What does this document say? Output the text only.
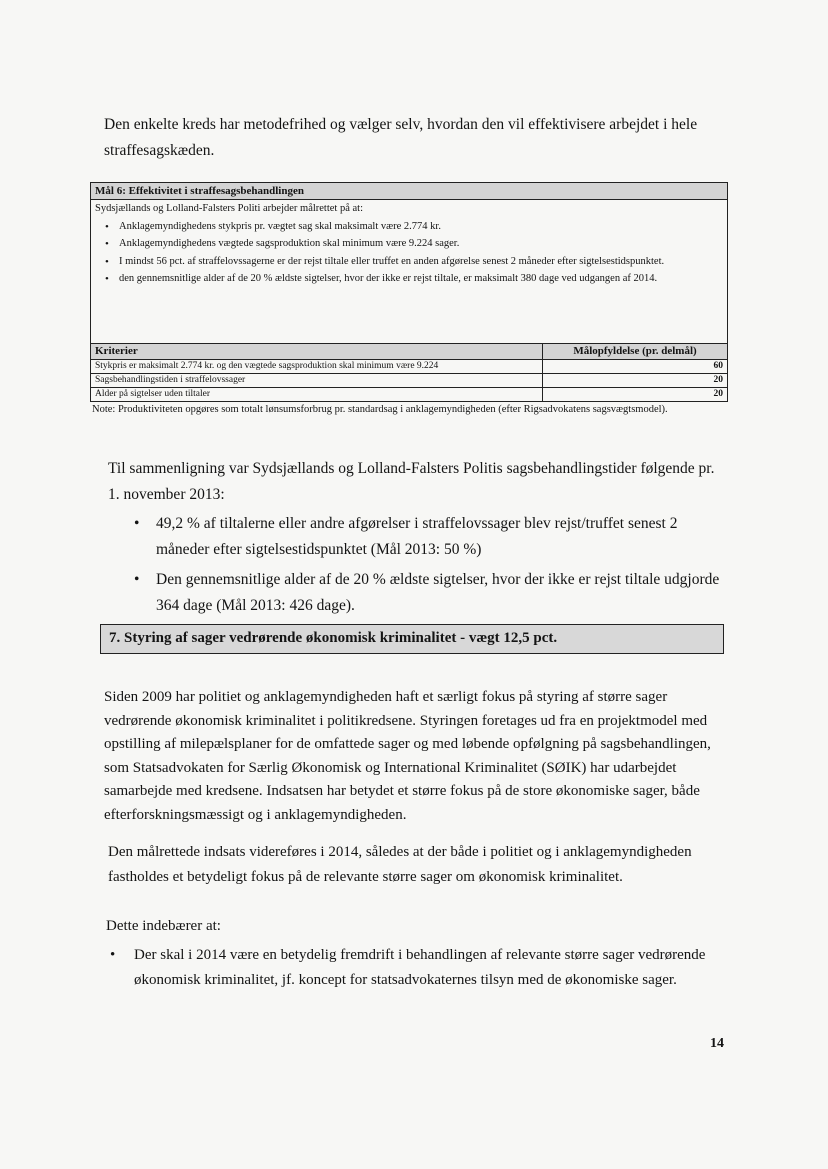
Den enkelte kreds har metodefrihed og vælger selv, hvordan den vil effektivisere arbejdet i hele straffesagskæden.

Mål 6: Effektivitet i straffesagsbehandlingen

Sydsjællands og Lolland-Falsters Politi arbejder målrettet på at:

• Anklagemyndighedens stykpris pr. vægtet sag skal maksimalt være 2.774 kr.
• Anklagemyndighedens vægtede sagsproduktion skal minimum være 9.224 sager.
• I mindst 56 pct. af straffelovssagerne er der rejst tiltale eller truffet en anden afgørelse senest 2 måneder efter sigtelsestidspunktet.
• den gennemsnitlige alder af de 20 % ældste sigtelser, hvor der ikke er rejst tiltale, er maksimalt 380 dage ved udgangen af 2014.
Kriterier	Målopfyldelse (pr. delmål)
Stykpris er maksimalt 2.774 kr. og den vægtede sagsproduktion skal minimum være 9.224	60
Sagsbehandlingstiden i straffelovssager	20
Alder på sigtelser uden tiltaler	20

Note: Produktiviteten opgøres som totalt lønsumsforbrug pr. standardsag i anklagemyndigheden (efter Rigsadvokatens sagsvægtsmodel).

Til sammenligning var Sydsjællands og Lolland-Falsters Politis sagsbehandlingstider følgende pr. 1. november 2013:

• 49,2 % af tiltalerne eller andre afgørelser i straffelovssager blev rejst/truffet senest 2 måneder efter sigtelsestidspunktet (Mål 2013: 50 %)
• Den gennemsnitlige alder af de 20 % ældste sigtelser, hvor der ikke er rejst tiltale udgjorde 364 dage (Mål 2013: 426 dage).
7. Styring af sager vedrørende økonomisk kriminalitet - vægt 12,5 pct.

Siden 2009 har politiet og anklagemyndigheden haft et særligt fokus på styring af større sager vedrørende økonomisk kriminalitet i politikredsene. Styringen foretages ud fra en projektmodel med opstilling af milepælsplaner for de omfattede sager og med løbende opfølgning på sagsbehandlingen, som Statsadvokaten for Særlig Økonomisk og International Kriminalitet (SØIK) har udarbejdet samarbejde med kredsene. Indsatsen har betydet et større fokus på de store økonomiske sager, både efterforskningsmæssigt og i anklagemyndigheden.

Den målrettede indsats videreføres i 2014, således at der både i politiet og i anklagemyndigheden fastholdes et betydeligt fokus på de relevante større sager om økonomisk kriminalitet.

Dette indebærer at:

• Der skal i 2014 være en betydelig fremdrift i behandlingen af relevante større sager vedrørende økonomisk kriminalitet, jf. koncept for statsadvokaternes tilsyn med de økonomiske sager.
14
